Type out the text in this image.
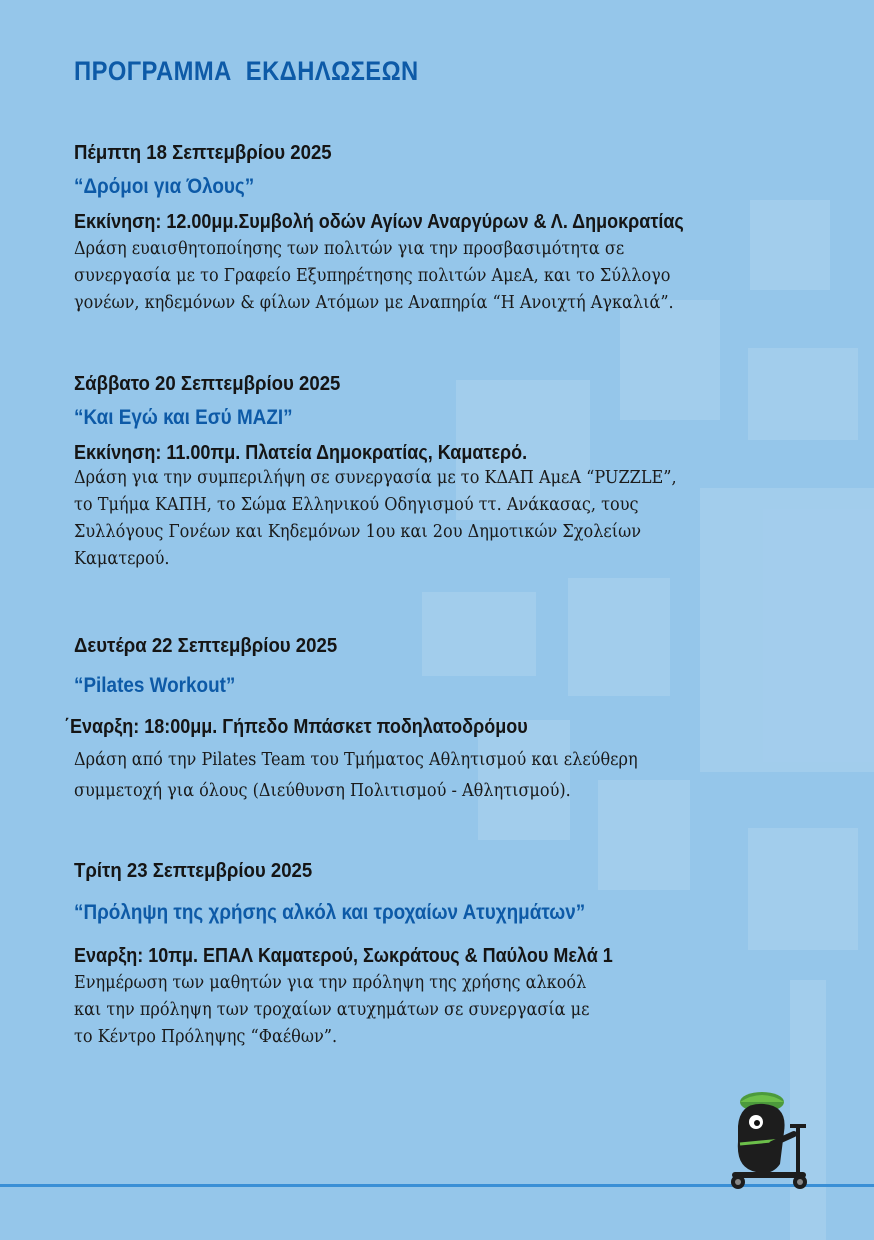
ΠΡΟΓΡΑΜΜΑ  ΕΚΔΗΛΩΣΕΩΝ
Πέμπτη 18 Σεπτεμβρίου 2025
“Δρόμοι για Όλους”
Εκκίνηση: 12.00μμ.Συμβολή οδών Αγίων Αναργύρων & Λ. Δημοκρατίας
Δράση ευαισθητοποίησης των πολιτών για την προσβασιμότητα σε
συνεργασία με το Γραφείο Εξυπηρέτησης πολιτών ΑμεΑ, και το Σύλλογο
γονέων, κηδεμόνων & φίλων Ατόμων με Αναπηρία “Η Ανοιχτή Αγκαλιά”.
Σάββατο 20 Σεπτεμβρίου 2025
“Και Εγώ και Εσύ ΜΑΖΙ”
Εκκίνηση: 11.00πμ. Πλατεία Δημοκρατίας, Καματερό.
Δράση για την συμπεριλήψη σε συνεργασία με το ΚΔΑΠ ΑμεΑ “PUZZLE”,
το Τμήμα ΚΑΠΗ, το Σώμα Ελληνικού Οδηγισμού ττ. Ανάκασας, τους
Συλλόγους Γονέων και Κηδεμόνων 1ου και 2ου Δημοτικών Σχολείων
Καματερού.
Δευτέρα 22 Σεπτεμβρίου 2025
“Pilates Workout”
΄Εναρξη: 18:00μμ. Γήπεδο Μπάσκετ ποδηλατοδρόμου
Δράση από την Pilates Team του Τμήματος Αθλητισμού και ελεύθερη
συμμετοχή για όλους (Διεύθυνση Πολιτισμού - Αθλητισμού).
Τρίτη 23 Σεπτεμβρίου 2025
“Πρόληψη της χρήσης αλκόλ και τροχαίων Ατυχημάτων”
Εναρξη: 10πμ. ΕΠΑΛ Καματερού, Σωκράτους & Παύλου Μελά 1
Ενημέρωση των μαθητών για την πρόληψη της χρήσης αλκοόλ
και την πρόληψη των τροχαίων ατυχημάτων σε συνεργασία με
το Κέντρο Πρόληψης “Φαέθων”.
